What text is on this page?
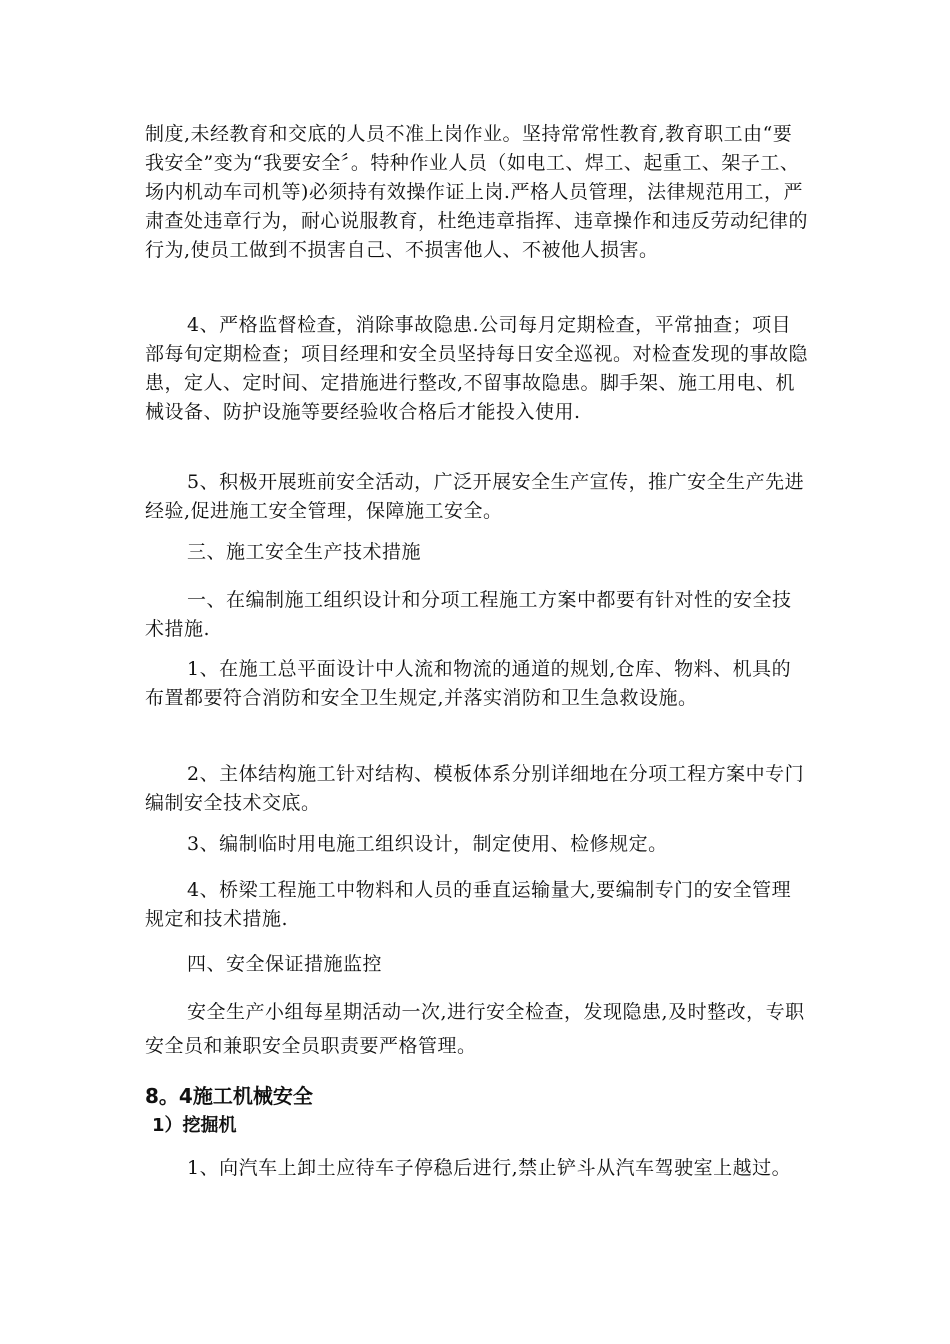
制度,未经教育和交底的人员不准上岗作业。坚持常常性教育,教育职工由“要我安全”变为“我要安全〞。特种作业人员（如电工、焊工、起重工、架子工、场内机动车司机等)必须持有效操作证上岗.严格人员管理，法律规范用工，严肃查处违章行为，耐心说服教育，杜绝违章指挥、违章操作和违反劳动纪律的行为,使员工做到不损害自己、不损害他人、不被他人损害。
4、严格监督检查，消除事故隐患.公司每月定期检查，平常抽查；项目部每旬定期检查；项目经理和安全员坚持每日安全巡视。对检查发现的事故隐患，定人、定时间、定措施进行整改,不留事故隐患。脚手架、施工用电、机械设备、防护设施等要经验收合格后才能投入使用.
5、积极开展班前安全活动，广泛开展安全生产宣传，推广安全生产先进经验,促进施工安全管理，保障施工安全。
三、施工安全生产技术措施
一、在编制施工组织设计和分项工程施工方案中都要有针对性的安全技术措施.
1、在施工总平面设计中人流和物流的通道的规划,仓库、物料、机具的布置都要符合消防和安全卫生规定,并落实消防和卫生急救设施。
2、主体结构施工针对结构、模板体系分别详细地在分项工程方案中专门编制安全技术交底。
3、编制临时用电施工组织设计，制定使用、检修规定。
4、桥梁工程施工中物料和人员的垂直运输量大,要编制专门的安全管理规定和技术措施.
四、安全保证措施监控
安全生产小组每星期活动一次,进行安全检查，发现隐患,及时整改，专职安全员和兼职安全员职责要严格管理。
8。4施工机械安全
1）挖掘机
1、向汽车上卸土应待车子停稳后进行,禁止铲斗从汽车驾驶室上越过。
